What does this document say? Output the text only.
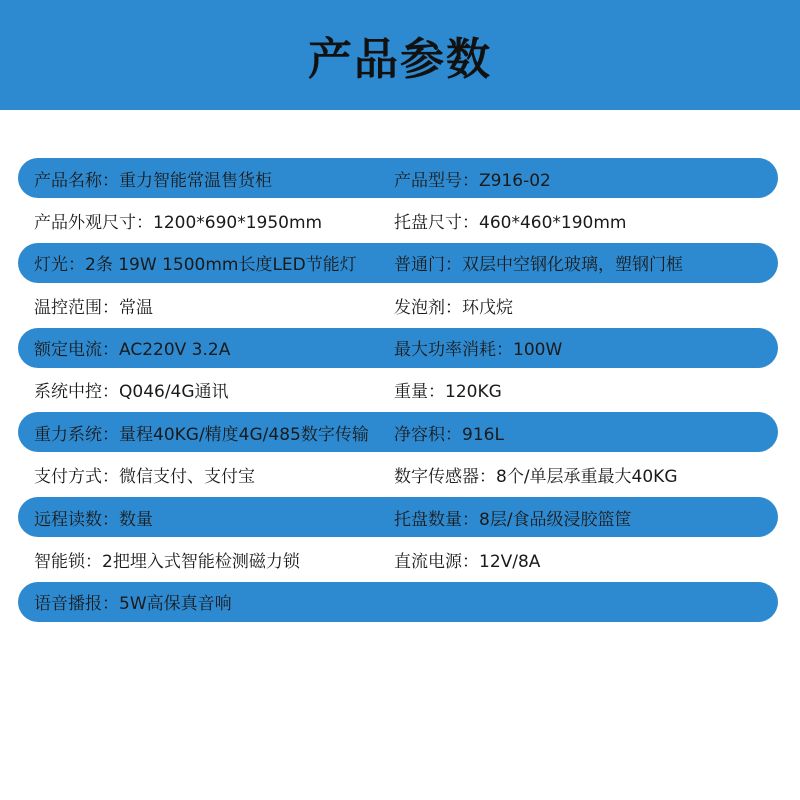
产品参数
产品名称：重力智能常温售货柜	产品型号：Z916-02
产品外观尺寸：1200*690*1950mm	托盘尺寸：460*460*190mm
灯光：2条 19W 1500mm长度LED节能灯	普通门：双层中空钢化玻璃，塑钢门框
温控范围：常温	发泡剂：环戊烷
额定电流：AC220V 3.2A	最大功率消耗：100W
系统中控：Q046/4G通讯	重量：120KG
重力系统：量程40KG/精度4G/485数字传输	净容积：916L
支付方式：微信支付、支付宝	数字传感器：8个/单层承重最大40KG
远程读数：数量	托盘数量：8层/食品级浸胶篮筐
智能锁：2把埋入式智能检测磁力锁	直流电源：12V/8A
语音播报：5W高保真音响
